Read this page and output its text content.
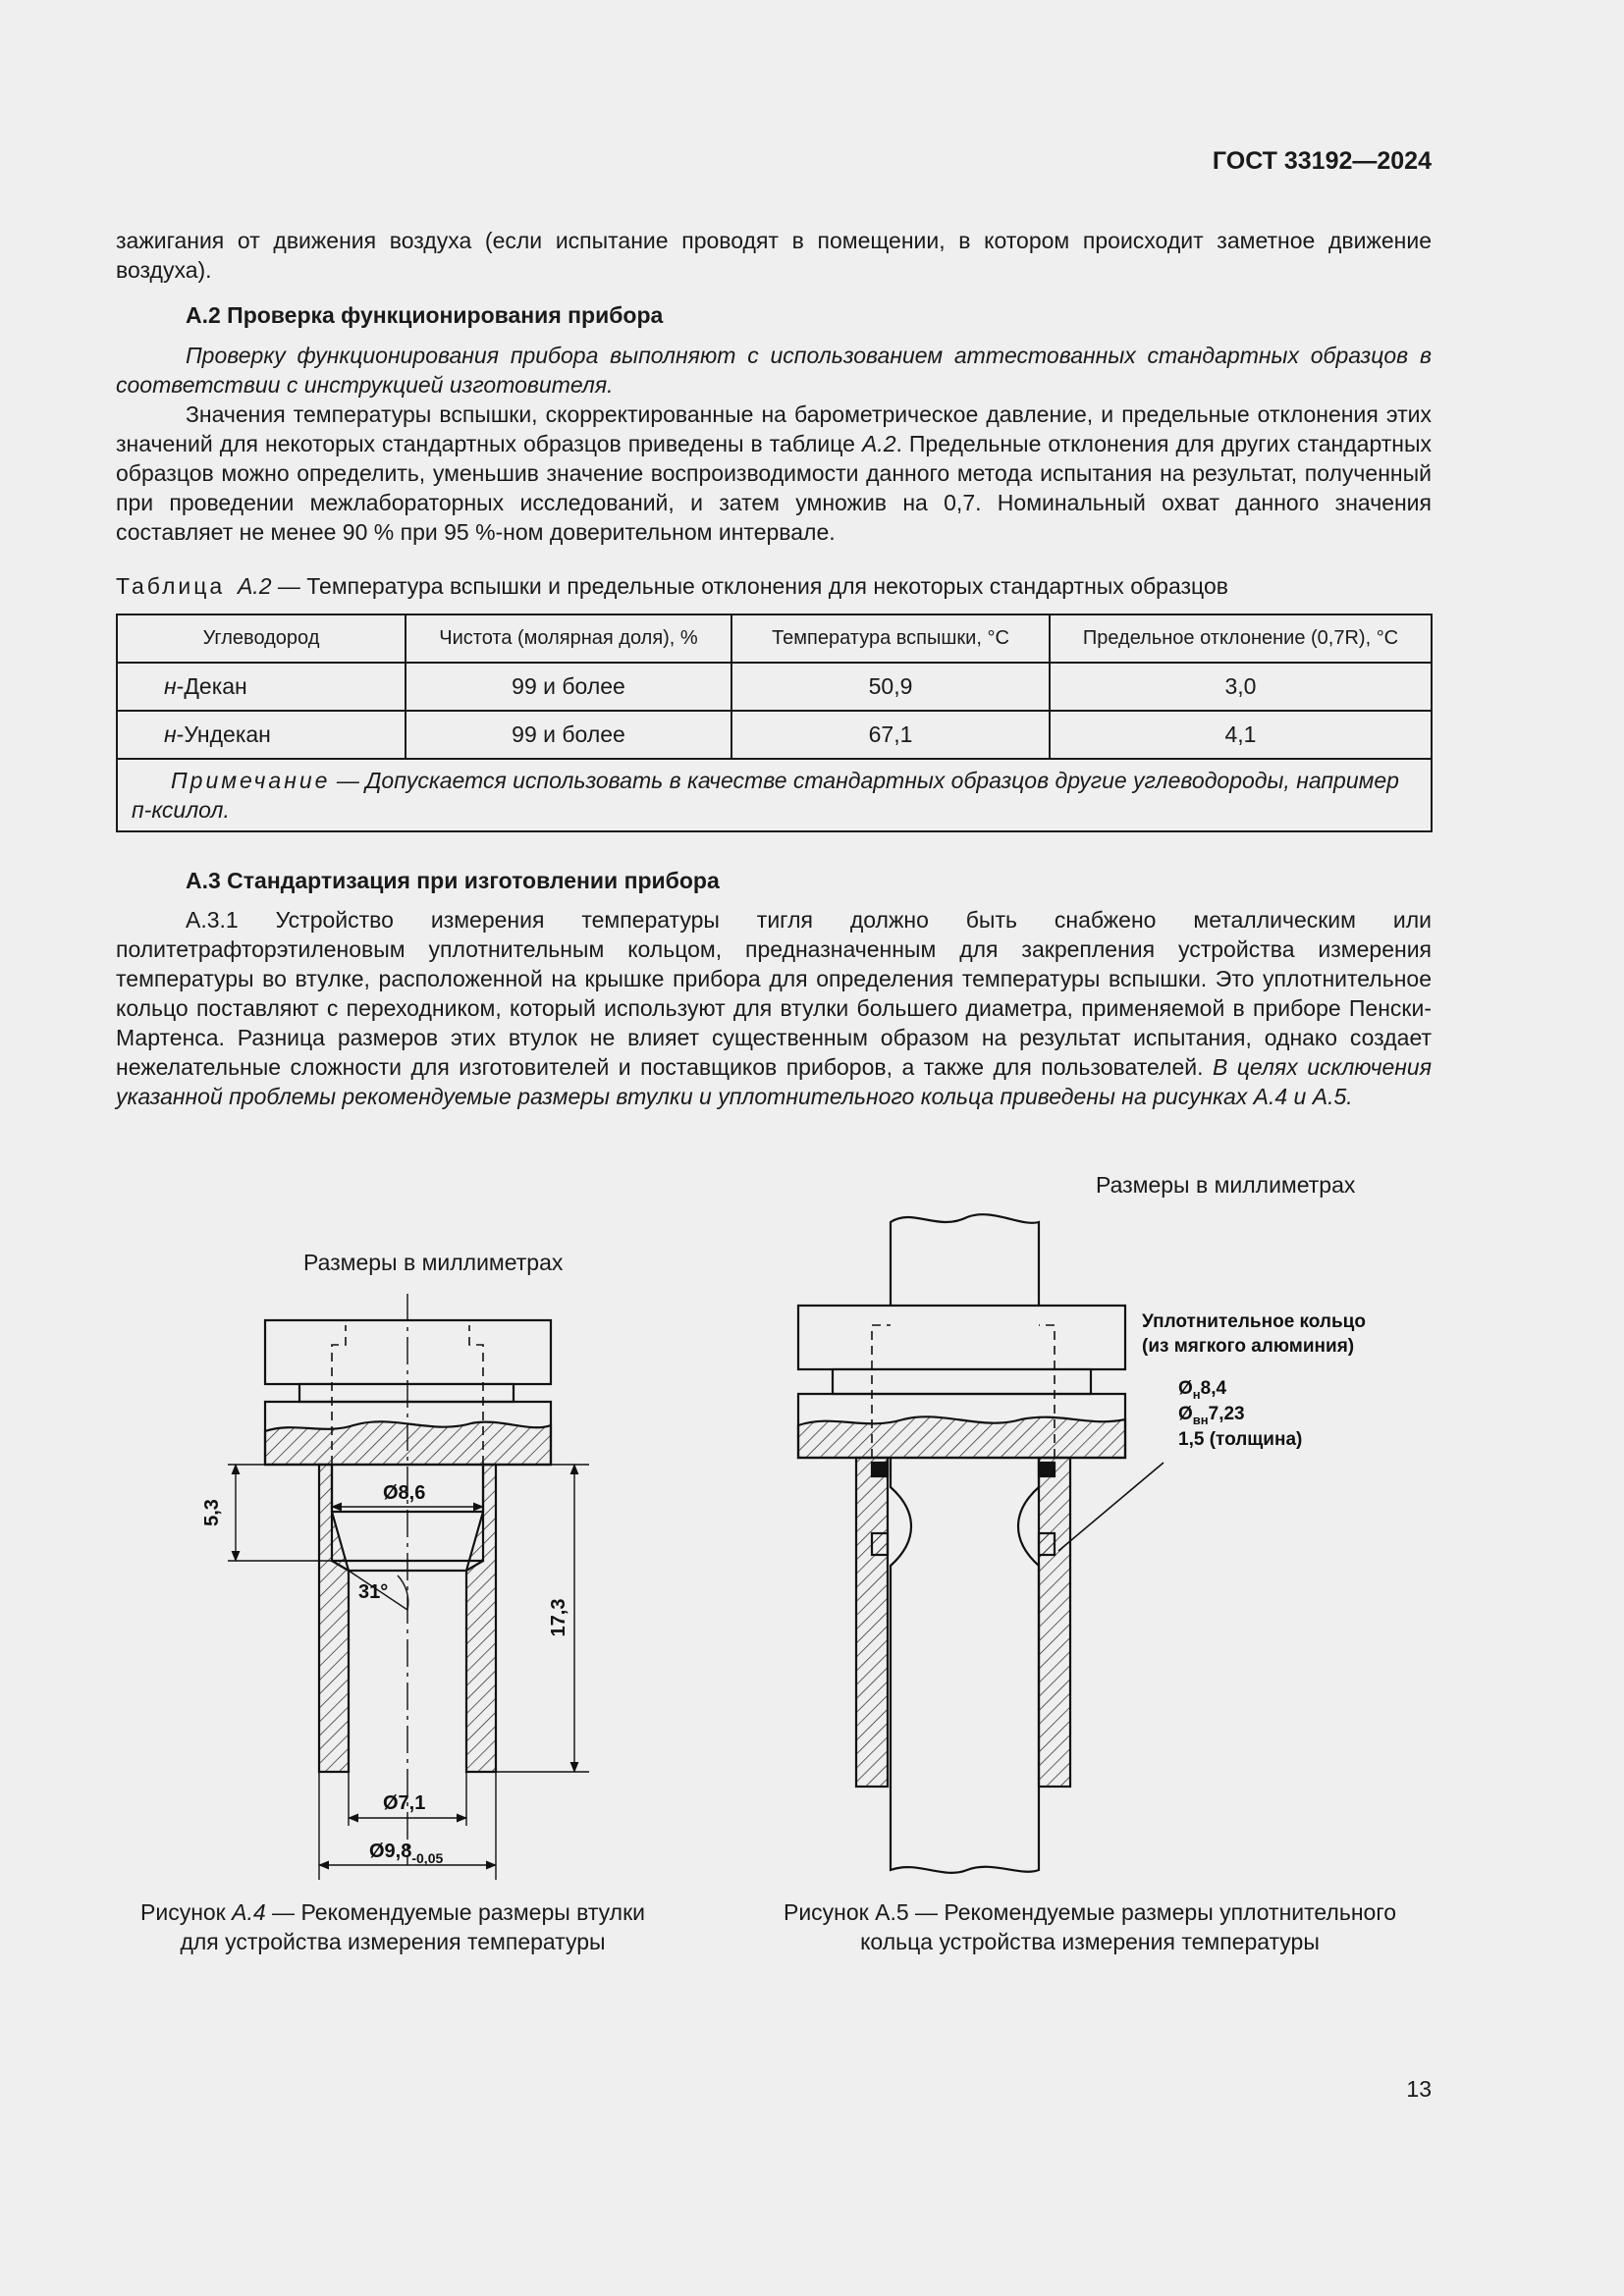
ГОСТ 33192—2024
зажигания от движения воздуха (если испытание проводят в помещении, в котором происходит заметное движение воздуха).
А.2 Проверка функционирования прибора
Проверку функционирования прибора выполняют с использованием аттестованных стандартных образцов в соответствии с инструкцией изготовителя.
Значения температуры вспышки, скорректированные на барометрическое давление, и предельные отклонения этих значений для некоторых стандартных образцов приведены в таблице А.2. Предельные отклонения для других стандартных образцов можно определить, уменьшив значение воспроизводимости данного метода испытания на результат, полученный при проведении межлабораторных исследований, и затем умножив на 0,7. Номинальный охват данного значения составляет не менее 90 % при 95 %-ном доверительном интервале.
Таблица А.2 — Температура вспышки и предельные отклонения для некоторых стандартных образцов
Углеводород	Чистота (молярная доля), %	Температура вспышки, °С	Предельное отклонение (0,7R), °С
н-Декан	99 и более	50,9	3,0
н-Ундекан	99 и более	67,1	4,1
Примечание — Допускается использовать в качестве стандартных образцов другие углеводороды, например п-ксилол.			
А.3 Стандартизация при изготовлении прибора
А.3.1 Устройство измерения температуры тигля должно быть снабжено металлическим или политетрафторэтиленовым уплотнительным кольцом, предназначенным для закрепления устройства измерения температуры во втулке, расположенной на крышке прибора для определения температуры вспышки. Это уплотнительное кольцо поставляют с переходником, который используют для втулки большего диаметра, применяемой в приборе Пенски-Мартенса. Разница размеров этих втулок не влияет существенным образом на результат испытания, однако создает нежелательные сложности для изготовителей и поставщиков приборов, а также для пользователей. В целях исключения указанной проблемы рекомендуемые размеры втулки и уплотнительного кольца приведены на рисунках А.4 и А.5.
Размеры в миллиметрах
Ø8,6
31°
Ø7,1
$Ø9,8_{-0,05}$
5,3
17,3
Рисунок А.4 — Рекомендуемые размеры втулки
для устройства измерения температуры
Размеры в миллиметрах
Уплотнительное кольцо
(из мягкого алюминия)
$Ø_н8,4$
$Ø_{вн}7,23$
1,5 (толщина)
Рисунок А.5 — Рекомендуемые размеры уплотнительного
кольца устройства измерения температуры
13
